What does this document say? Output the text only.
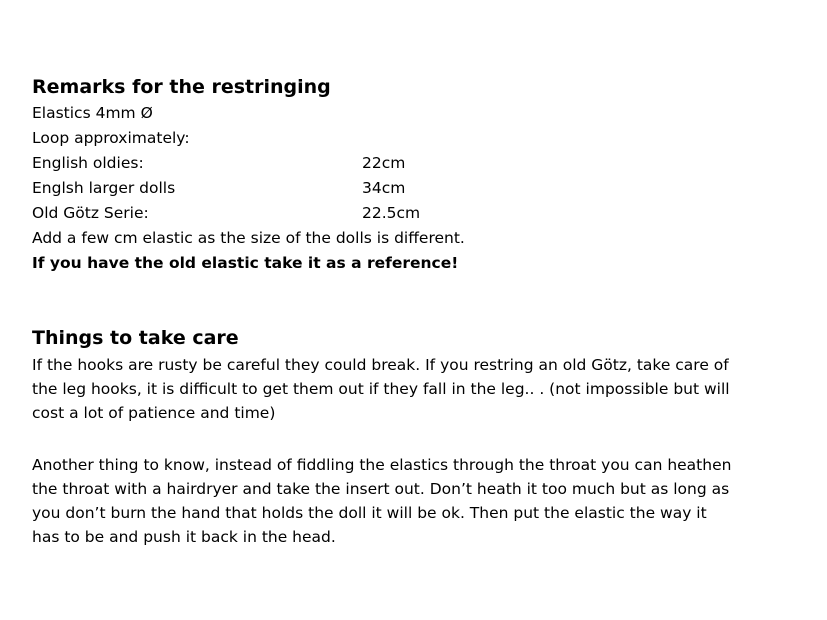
Remarks for the restringing
Elastics 4mm Ø
Loop approximately:
English oldies:	22cm
Englsh larger dolls	34cm
Old Götz Serie:	22.5cm
Add a few cm elastic as the size of the dolls is different.
If you have the old elastic take it as a reference!
Things to take care
If the hooks are rusty be careful they could break. If you restring an old Götz, take care of
the leg hooks, it is difficult to get them out if they fall in the leg.. . (not impossible but will
cost a lot of patience and time)
Another thing to know, instead of fiddling the elastics through the throat you can heathen
the throat with a hairdryer and take the insert out. Don’t heath it too much but as long as
you don’t burn the hand that holds the doll it will be ok. Then put the elastic the way it
has to be and push it back in the head.
